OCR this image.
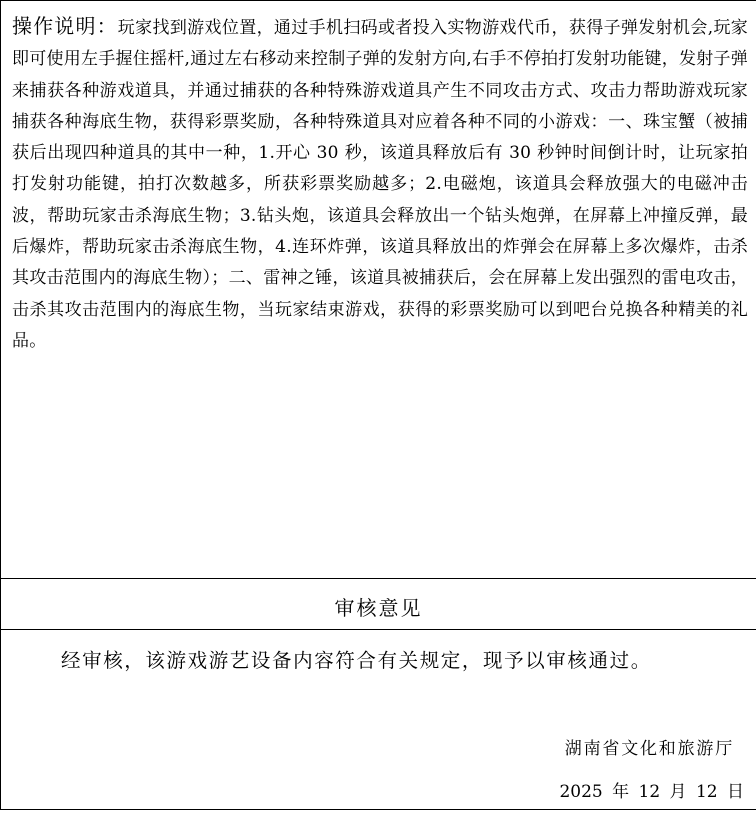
操作说明：玩家找到游戏位置，通过手机扫码或者投入实物游戏代币，获得子弹发射机会,玩家即可使用左手握住摇杆,通过左右移动来控制子弹的发射方向,右手不停拍打发射功能键，发射子弹来捕获各种游戏道具，并通过捕获的各种特殊游戏道具产生不同攻击方式、攻击力帮助游戏玩家捕获各种海底生物，获得彩票奖励，各种特殊道具对应着各种不同的小游戏：一、珠宝蟹（被捕获后出现四种道具的其中一种，1.开心 30 秒，该道具释放后有 30 秒钟时间倒计时，让玩家拍打发射功能键，拍打次数越多，所获彩票奖励越多；2.电磁炮，该道具会释放强大的电磁冲击波，帮助玩家击杀海底生物；3.钻头炮，该道具会释放出一个钻头炮弹，在屏幕上冲撞反弹，最后爆炸，帮助玩家击杀海底生物，4.连环炸弹，该道具释放出的炸弹会在屏幕上多次爆炸，击杀其攻击范围内的海底生物）；二、雷神之锤，该道具被捕获后，会在屏幕上发出强烈的雷电攻击，击杀其攻击范围内的海底生物，当玩家结束游戏，获得的彩票奖励可以到吧台兑换各种精美的礼品。
审核意见
经审核，该游戏游艺设备内容符合有关规定，现予以审核通过。
湖南省文化和旅游厅
2025 年 12 月 12 日
